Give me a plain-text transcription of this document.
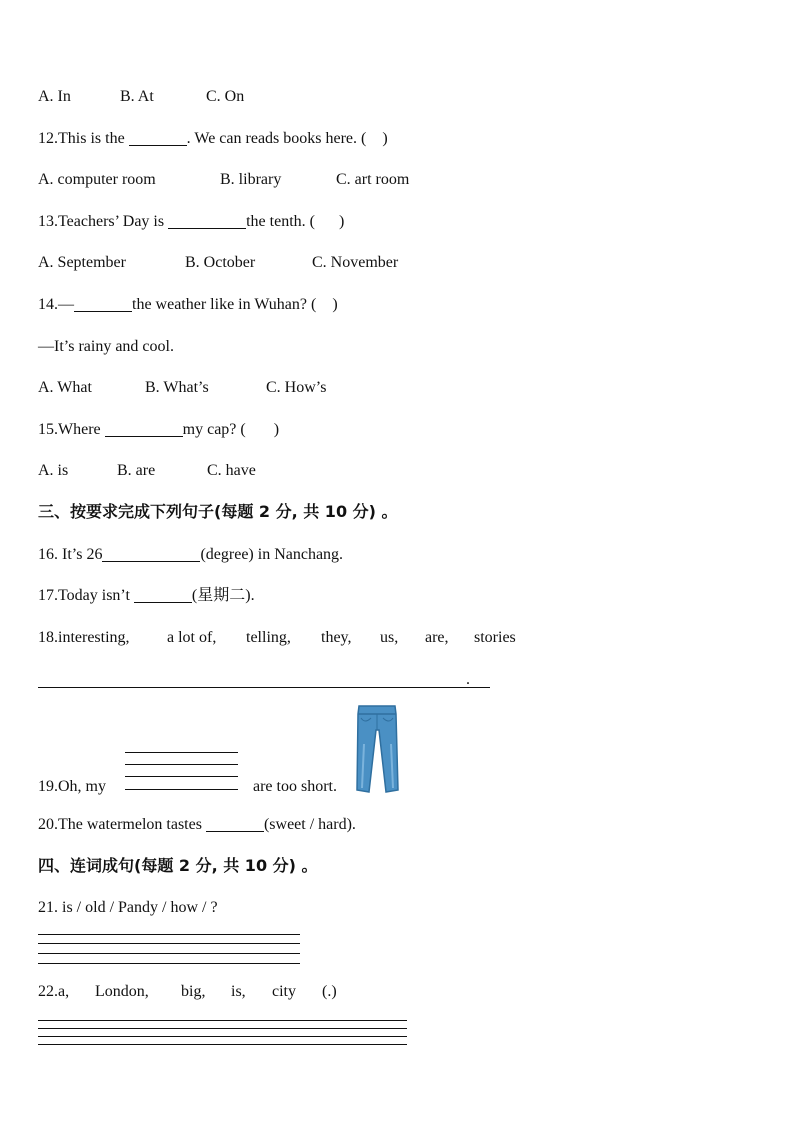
A. In	B. At	C. On
12.This is the	. We can reads books here. (    )
A. computer room	B. library	C. art room
13.Teachers’ Day is	the tenth. (      )
A. September	B. October	C. November
14.—	the weather like in Wuhan? (    )
—It’s rainy and cool.
A. What	B. What’s	C. How’s
15.Where	my cap? (       )
A. is	B. are	C. have
三、按要求完成下列句子(每题 2 分, 共 10 分) 。
16. It’s 26	(degree) in Nanchang.
17.Today isn’t	(星期二).
18.interesting, a lot of, telling, they, us, are, stories
.
19.Oh, my	are too short.
20.The watermelon tastes	(sweet / hard).
四、连词成句(每题 2 分, 共 10 分) 。
21. is / old / Pandy / how / ?
22.a, London, big, is, city (.)
